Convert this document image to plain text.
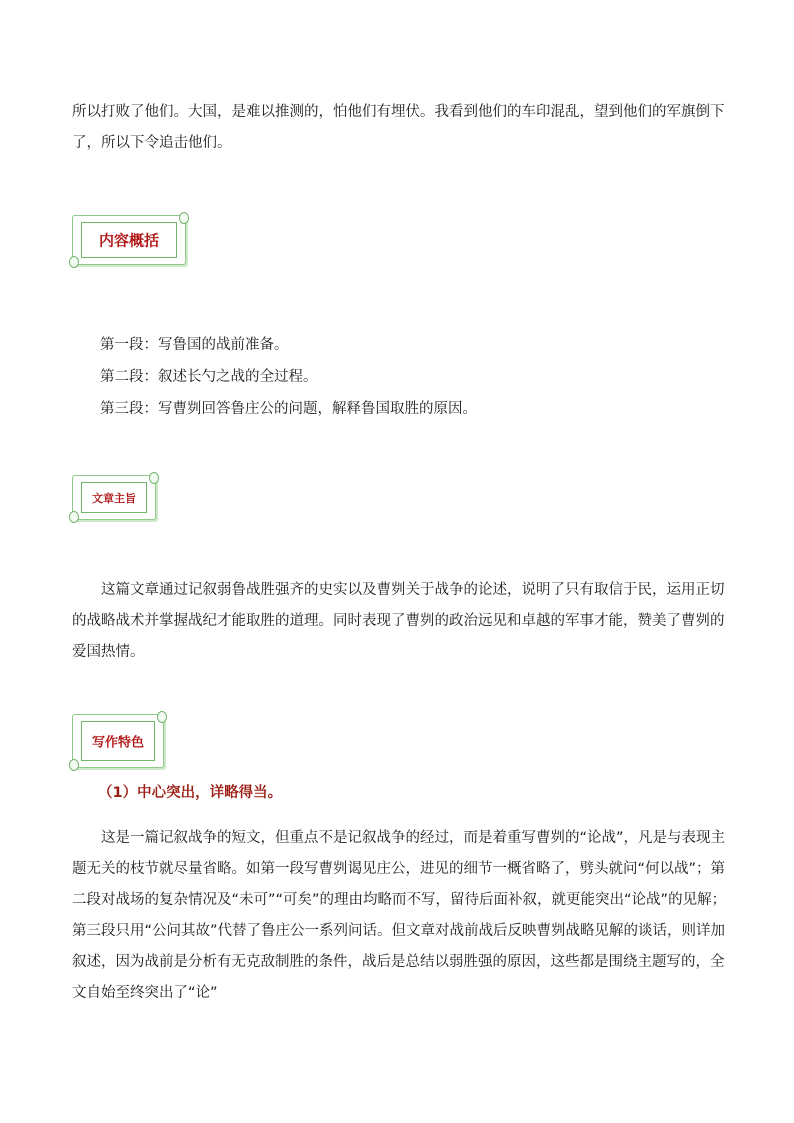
所以打败了他们。大国，是难以推测的，怕他们有埋伏。我看到他们的车印混乱，望到他们的军旗倒下了，所以下令追击他们。

内容概括

第一段：写鲁国的战前准备。

第二段：叙述长勺之战的全过程。

第三段：写曹刿回答鲁庄公的问题，解释鲁国取胜的原因。

文章主旨

这篇文章通过记叙弱鲁战胜强齐的史实以及曹刿关于战争的论述，说明了只有取信于民，运用正切的战略战术并掌握战纪才能取胜的道理。同时表现了曹刿的政治远见和卓越的军事才能，赞美了曹刿的爱国热情。

写作特色

（1）中心突出，详略得当。

这是一篇记叙战争的短文，但重点不是记叙战争的经过，而是着重写曹刿的“论战”，凡是与表现主题无关的枝节就尽量省略。如第一段写曹刿谒见庄公，进见的细节一概省略了，劈头就问“何以战”；第二段对战场的复杂情况及“未可”“可矣”的理由均略而不写，留待后面补叙，就更能突出“论战”的见解；第三段只用“公问其故”代替了鲁庄公一系列问话。但文章对战前战后反映曹刿战略见解的谈话，则详加叙述，因为战前是分析有无克敌制胜的条件，战后是总结以弱胜强的原因，这些都是围绕主题写的，全文自始至终突出了“论”
